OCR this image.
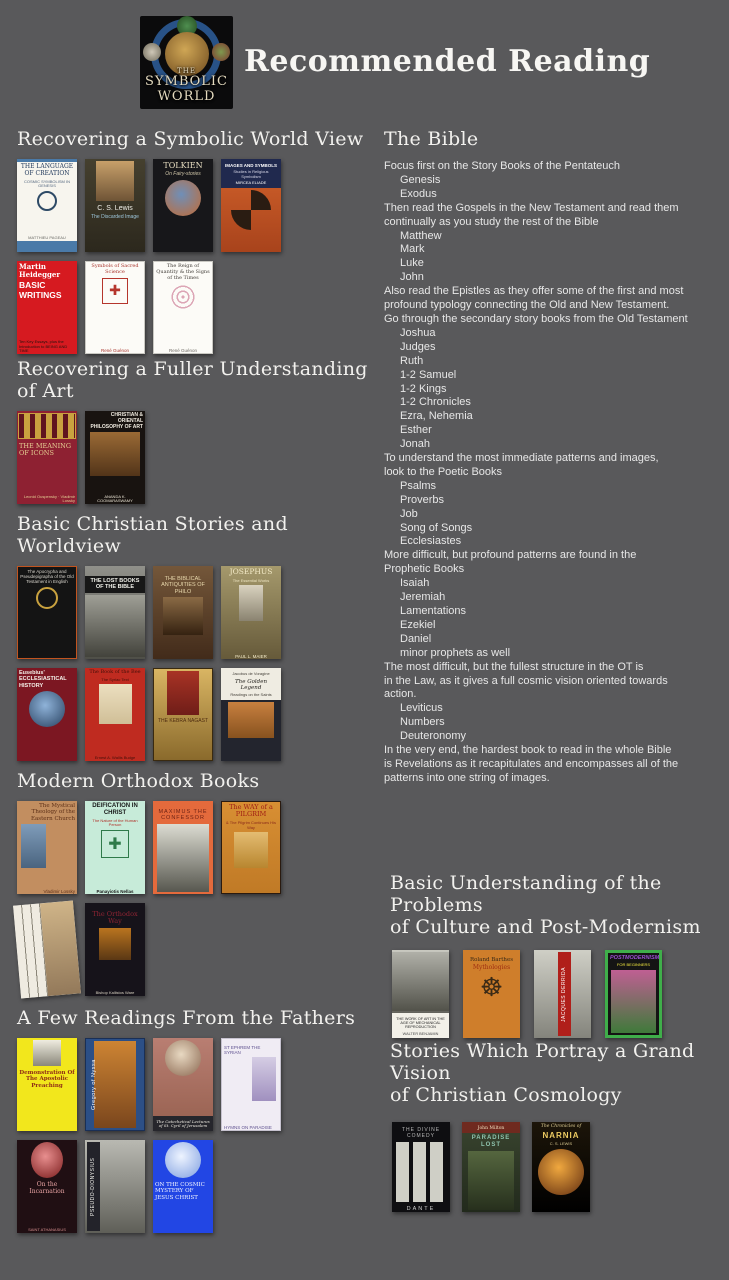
THE
SYMBOLIC
WORLD
Recommended Reading
Recovering a Symbolic World View
THE LANGUAGE OF CREATION
COSMIC SYMBOLISM IN GENESIS
MATTHIEU PAGEAU
C. S. Lewis
The Discarded Image
TOLKIEN
On Fairy-stories
IMAGES AND SYMBOLS
Studies in Religious Symbolism
MIRCEA ELIADE
Martin Heidegger
BASIC WRITINGS
Ten Key Essays, plus the Introduction to BEING AND TIME
Symbols of Sacred Science
✚
René Guénon
The Reign of Quantity & the Signs of the Times
René Guénon
Recovering a Fuller Understanding of Art
THE MEANING OF ICONS
Leonid Ouspensky · Vladimir Lossky
CHRISTIAN & ORIENTAL PHILOSOPHY OF ART
ANANDA K. COOMARASWAMY
Basic Christian Stories and Worldview
The Apocrypha and Pseudepigrapha of the Old Testament in English	THE LOST BOOKS OF THE BIBLE
THE BIBLICAL ANTIQUITIES OF PHILO
JOSEPHUS
The Essential Works
PAUL L. MAIER
Eusebius' ECCLESIASTICAL HISTORY
The Book of the Bee
The Syriac Text
Ernest A. Wallis Budge
THE KEBRA NAGAST
Jacobus de Voragine
The Golden Legend
Readings on the Saints
Modern Orthodox Books
The Mystical Theology of the Eastern Church
Vladimir Lossky
DEIFICATION IN CHRIST
The Nature of the Human Person
✚
Panayiotis Nellas
MAXIMUS THE CONFESSOR
The WAY of a PILGRIM
& The Pilgrim Continues His Way
The Orthodox Way
Bishop Kallistos Ware
A Few Readings From the Fathers
Demonstration Of The Apostolic Preaching	Gregory of Nyssa
The Catechetical Lectures of St. Cyril of Jerusalem
ST EPHREM THE SYRIAN
HYMNS ON PARADISE
On the Incarnation
SAINT ATHANASIUS
PSEUDO-DIONYSIUS	ON THE COSMIC MYSTERY OF JESUS CHRIST
The Bible
Focus first on the Story Books of the Pentateuch
Genesis
Exodus
Then read the Gospels in the New Testament and read them
continually as you study the rest of the Bible
Matthew
Mark
Luke
John
Also read the Epistles as they offer some of the first and most
profound typology connecting the Old and New Testament.
Go through the secondary story books from the Old Testament
Joshua
Judges
Ruth
1-2 Samuel
1-2 Kings
1-2 Chronicles
Ezra, Nehemia
Esther
Jonah
To understand the most immediate patterns and images,
look to the Poetic Books
Psalms
Proverbs
Job
Song of Songs
Ecclesiastes
More difficult, but profound patterns are found in the
Prophetic Books
Isaiah
Jeremiah
Lamentations
Ezekiel
Daniel
minor prophets as well
The most difficult, but the fullest structure in the OT is
in the Law, as it gives a full cosmic vision oriented towards
action.
Leviticus
Numbers
Deuteronomy
In the very end, the hardest book to read in the whole Bible
is Revelations as it recapitulates and encompasses all of the
patterns into one string of images.
Basic Understanding of the Problems
of Culture and Post-Modernism
THE WORK OF ART IN THE AGE OF MECHANICAL REPRODUCTION
WALTER BENJAMIN
Roland Barthes
Mythologies
☸	JACQUES DERRIDA
POSTMODERNISM
FOR BEGINNERS
Stories Which Portray a Grand Vision
of Christian Cosmology
THE DIVINE COMEDY
DANTE
John Milton
PARADISE LOST
The Chronicles of
NARNIA
C. S. LEWIS
